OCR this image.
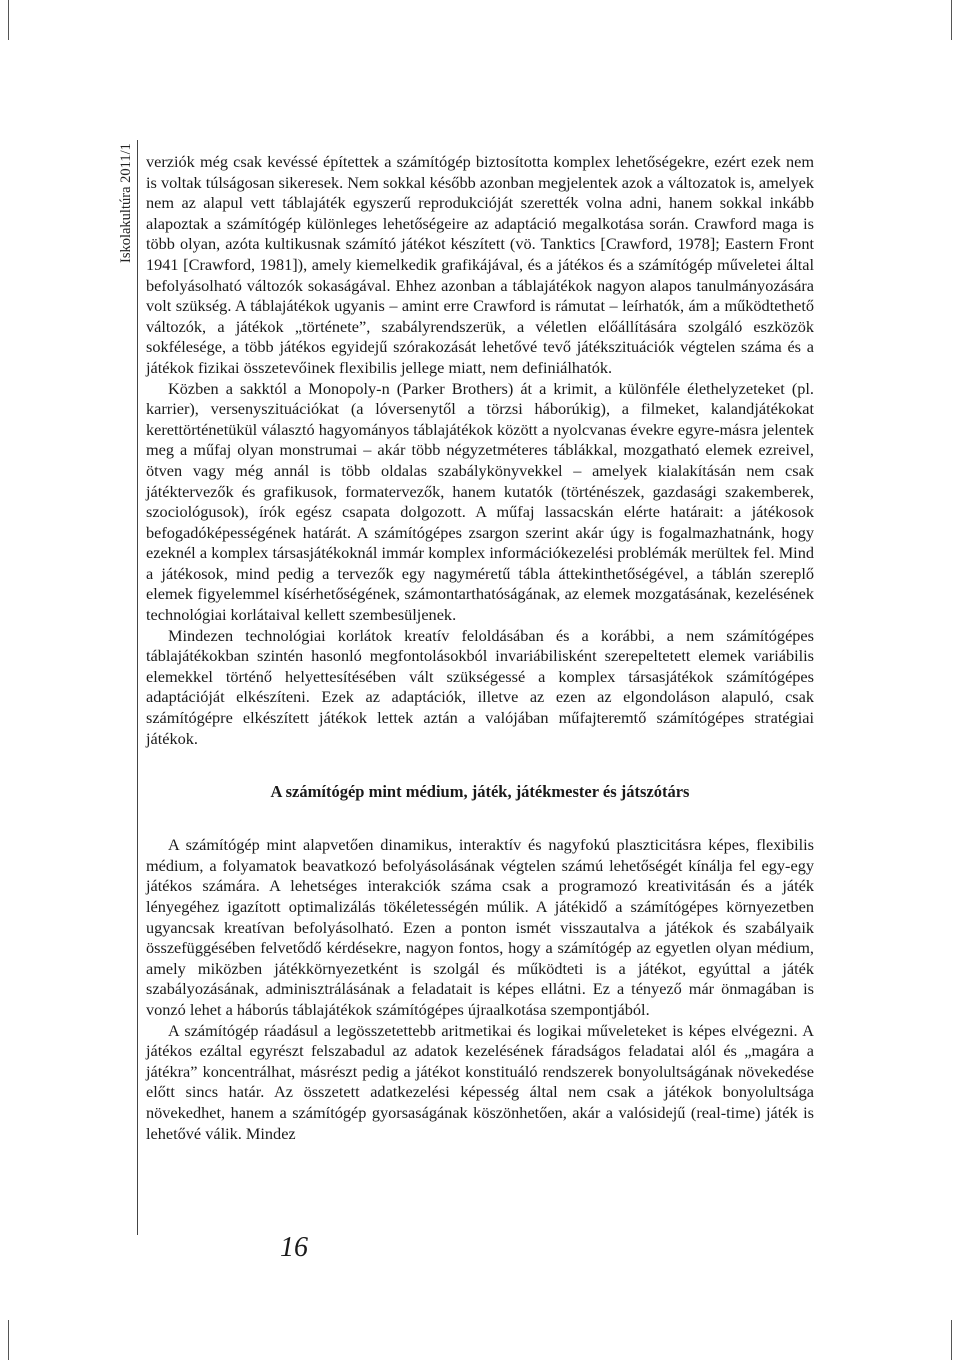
Iskolakultúra 2011/1 verziók még csak kevéssé építettek a számítógép biztosította komplex lehetőségekre, ezért ezek nem is voltak túlságosan sikeresek. Nem sokkal később azonban megjelentek azok a változatok is, amelyek nem az alapul vett táblajáték egyszerű reprodukcióját szerették volna adni, hanem sokkal inkább alapoztak a számítógép különleges lehetőségeire az adaptáció megalkotása során. Crawford maga is több olyan, azóta kultikusnak számító játékot készített (vö. Tanktics [Crawford, 1978]; Eastern Front 1941 [Crawford, 1981]), amely kiemelkedik grafikájával, és a játékos és a számítógép műveletei által befolyásolható változók sokaságával. Ehhez azonban a táblajátékok nagyon alapos tanulmányozására volt szükség. A táblajátékok ugyanis – amint erre Crawford is rámutat – leírhatók, ám a működtethető változók, a játékok „története”, szabályrendszerük, a véletlen előállítására szolgáló eszközök sokfélesége, a több játékos egyidejű szórakozását lehetővé tevő játékszituációk végtelen száma és a játékok fizikai összetevőinek flexibilis jellege miatt, nem definiálhatók.

Közben a sakktól a Monopoly-n (Parker Brothers) át a krimit, a különféle élethelyzeteket (pl. karrier), versenyszituációkat (a lóversenytől a törzsi háborúkig), a filmeket, kalandjátékokat kerettörténetükül választó hagyományos táblajátékok között a nyolcvanas évekre egyre-másra jelentek meg a műfaj olyan monstrumai – akár több négyzetméteres táblákkal, mozgatható elemek ezreivel, ötven vagy még annál is több oldalas szabálykönyvekkel – amelyek kialakításán nem csak játéktervezők és grafikusok, formatervezők, hanem kutatók (történészek, gazdasági szakemberek, szociológusok), írók egész csapata dolgozott. A műfaj lassacskán elérte határait: a játékosok befogadóképességének határát. A számítógépes zsargon szerint akár úgy is fogalmazhatnánk, hogy ezeknél a komplex társasjátékoknál immár komplex információkezelési problémák merültek fel. Mind a játékosok, mind pedig a tervezők egy nagyméretű tábla áttekinthetőségével, a táblán szereplő elemek figyelemmel kísérhetőségének, számontarthatóságának, az elemek mozgatásának, kezelésének technológiai korlátaival kellett szembesüljenek.

Mindezen technológiai korlátok kreatív feloldásában és a korábbi, a nem számítógépes táblajátékokban szintén hasonló megfontolásokból invariábilisként szerepeltetett elemek variábilis elemekkel történő helyettesítésében vált szükségessé a komplex társasjátékok számítógépes adaptációját elkészíteni. Ezek az adaptációk, illetve az ezen az elgondoláson alapuló, csak számítógépre elkészített játékok lettek aztán a valójában műfajteremtő számítógépes stratégiai játékok.

A számítógép mint médium, játék, játékmester és játszótárs

A számítógép mint alapvetően dinamikus, interaktív és nagyfokú plaszticitásra képes, flexibilis médium, a folyamatok beavatkozó befolyásolásának végtelen számú lehetőségét kínálja fel egy-egy játékos számára. A lehetséges interakciók száma csak a programozó kreativitásán és a játék lényegéhez igazított optimalizálás tökéletességén múlik. A játékidő a számítógépes környezetben ugyancsak kreatívan befolyásolható. Ezen a ponton ismét visszautalva a játékok és szabályaik összefüggésében felvetődő kérdésekre, nagyon fontos, hogy a számítógép az egyetlen olyan médium, amely miközben játékkörnyezetként is szolgál és működteti is a játékot, egyúttal a játék szabályozásának, adminisztrálásának a feladatait is képes ellátni. Ez a tényező már önmagában is vonzó lehet a háborús táblajátékok számítógépes újraalkotása szempontjából.

A számítógép ráadásul a legösszetettebb aritmetikai és logikai műveleteket is képes elvégezni. A játékos ezáltal egyrészt felszabadul az adatok kezelésének fáradságos feladatai alól és „magára a játékra” koncentrálhat, másrészt pedig a játékot konstituáló rendszerek bonyolultságának növekedése előtt sincs határ. Az összetett adatkezelési képesség által nem csak a játékok bonyolultsága növekedhet, hanem a számítógép gyorsaságának köszönhetően, akár a valósidejű (real-time) játék is lehetővé válik. Mindez

16
